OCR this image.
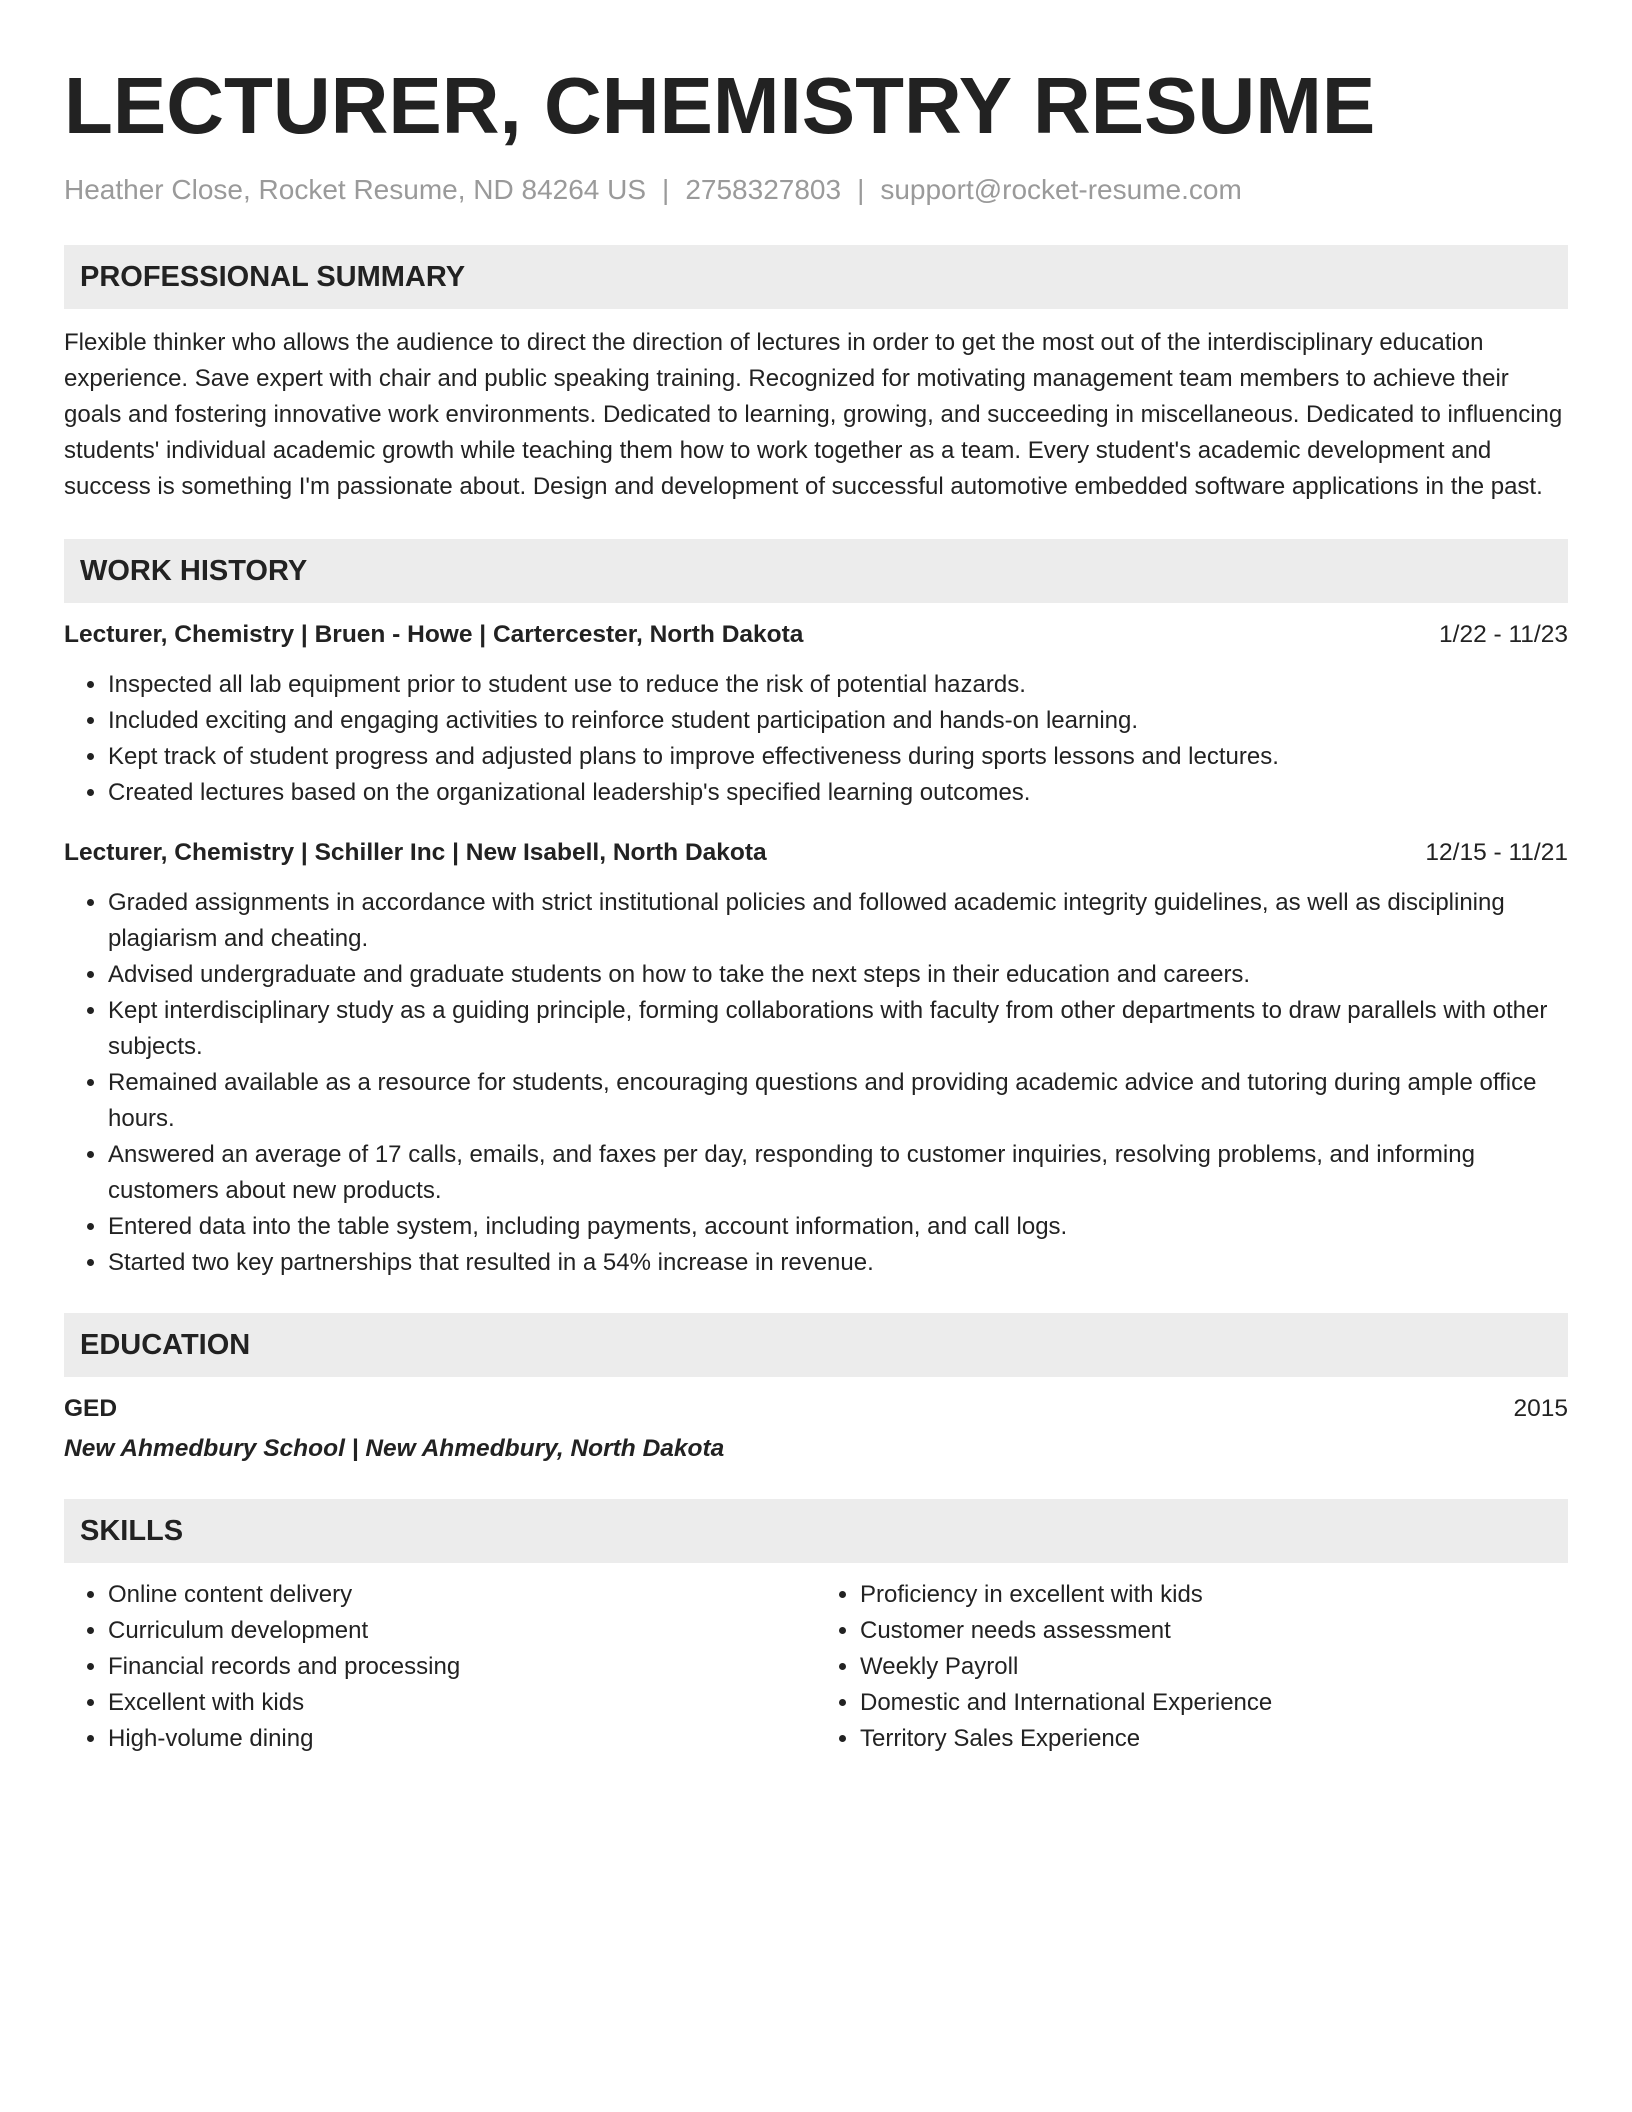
LECTURER, CHEMISTRY RESUME
Heather Close, Rocket Resume, ND 84264 US | 2758327803 | support@rocket-resume.com
PROFESSIONAL SUMMARY
Flexible thinker who allows the audience to direct the direction of lectures in order to get the most out of the interdisciplinary education experience. Save expert with chair and public speaking training. Recognized for motivating management team members to achieve their goals and fostering innovative work environments. Dedicated to learning, growing, and succeeding in miscellaneous. Dedicated to influencing students' individual academic growth while teaching them how to work together as a team. Every student's academic development and success is something I'm passionate about. Design and development of successful automotive embedded software applications in the past.
WORK HISTORY
Lecturer, Chemistry | Bruen - Howe | Cartercester, North Dakota	1/22 - 11/23
• Inspected all lab equipment prior to student use to reduce the risk of potential hazards.
• Included exciting and engaging activities to reinforce student participation and hands-on learning.
• Kept track of student progress and adjusted plans to improve effectiveness during sports lessons and lectures.
• Created lectures based on the organizational leadership's specified learning outcomes.
Lecturer, Chemistry | Schiller Inc | New Isabell, North Dakota	12/15 - 11/21
• Graded assignments in accordance with strict institutional policies and followed academic integrity guidelines, as well as disciplining plagiarism and cheating.
• Advised undergraduate and graduate students on how to take the next steps in their education and careers.
• Kept interdisciplinary study as a guiding principle, forming collaborations with faculty from other departments to draw parallels with other subjects.
• Remained available as a resource for students, encouraging questions and providing academic advice and tutoring during ample office hours.
• Answered an average of 17 calls, emails, and faxes per day, responding to customer inquiries, resolving problems, and informing customers about new products.
• Entered data into the table system, including payments, account information, and call logs.
• Started two key partnerships that resulted in a 54% increase in revenue.
EDUCATION
GED	2015
New Ahmedbury School | New Ahmedbury, North Dakota
SKILLS
• Online content delivery
• Curriculum development
• Financial records and processing
• Excellent with kids
• High-volume dining
• Proficiency in excellent with kids
• Customer needs assessment
• Weekly Payroll
• Domestic and International Experience
• Territory Sales Experience
